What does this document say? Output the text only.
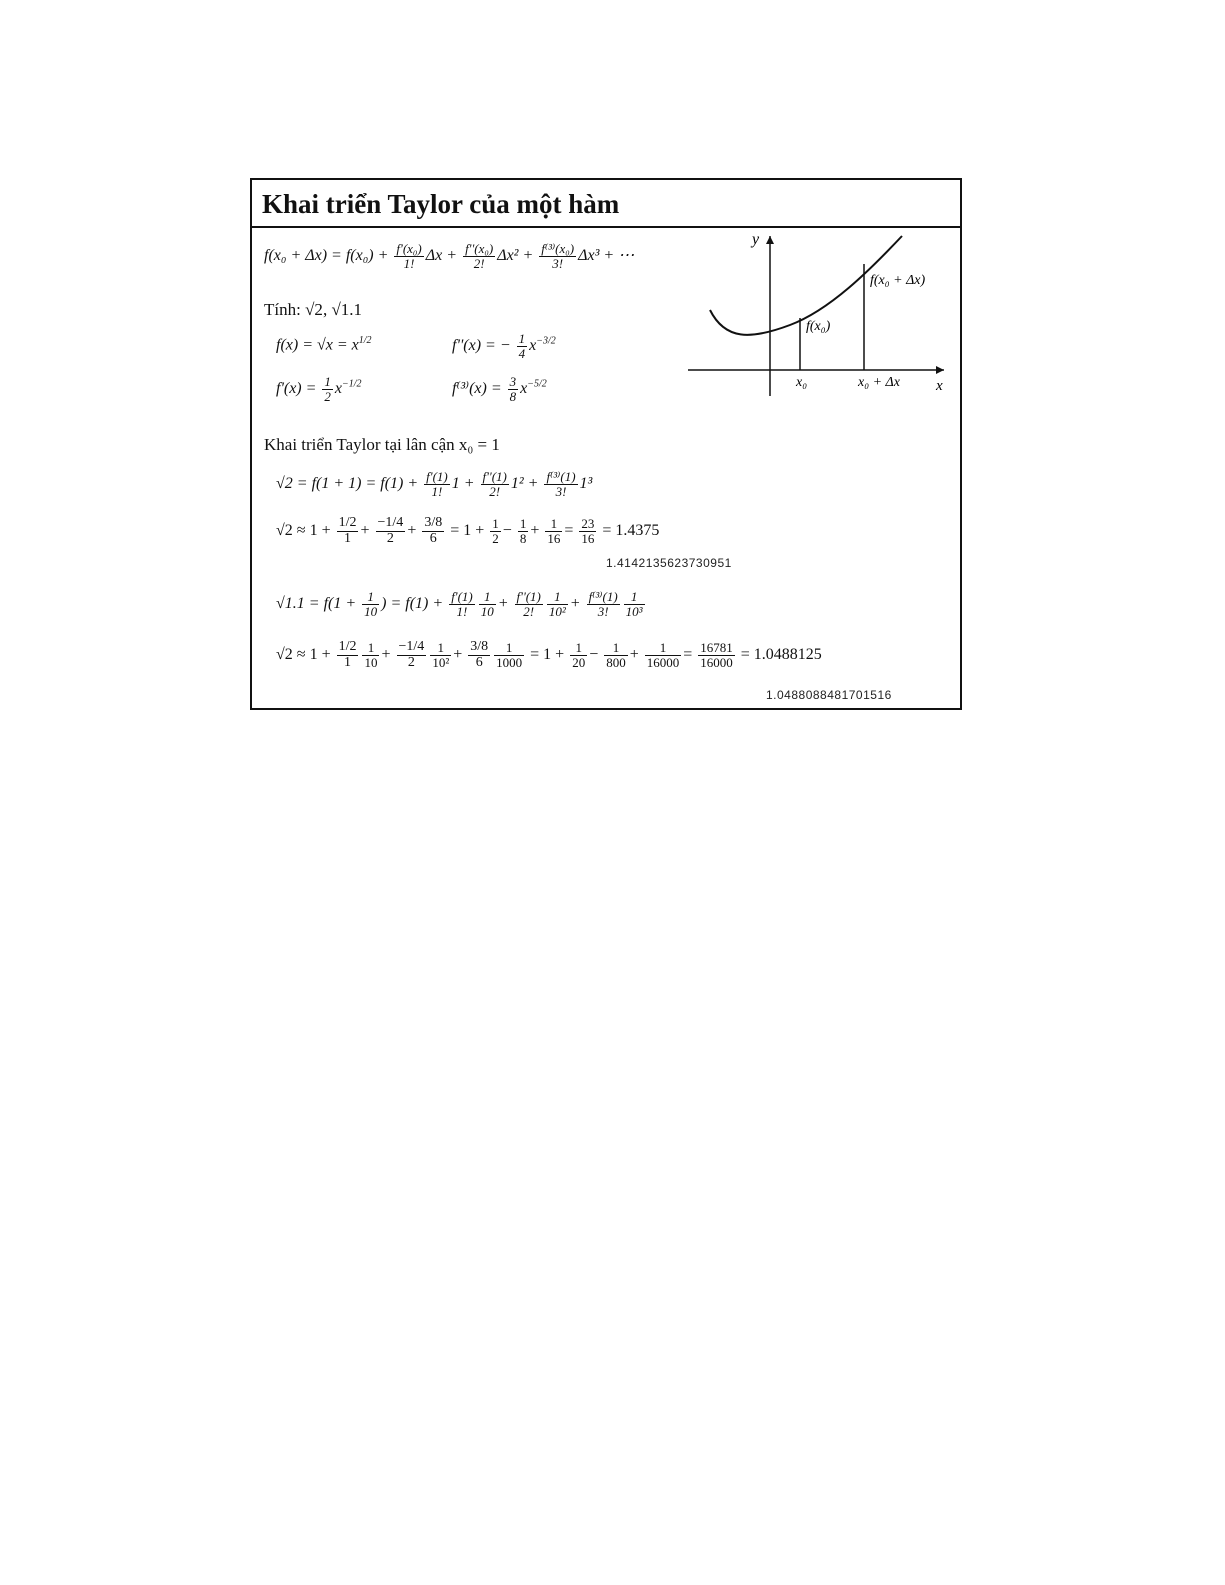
Khai triển Taylor của một hàm
$f(x_0 + \Delta x) = f(x_0) + \frac{\text{f'(x₀)}}{1!}$ $\Delta x + \frac{\text{f''(x₀)}}{2!} \Delta x^2 + \frac{\text{f⁽³⁾(x₀)}}{3!} \Delta x^3$ + ⋯
Tính: √2, √1.1
$f(x) = √x = x^{1/2}$	f''(x) = − $\frac{1}{4} x^{-3/2}$
$f'(x) = \frac{1}{2} x^{-1/2}$	$f^{(3)}(x) = \frac{3}{8} x^{-5/2}$
Khai triển Taylor tại lân cận x₀ = 1
$√2 = f(1 + 1) = f(1) + \frac{f'(1)}{1!} 1 + \frac{f''(1)}{2!} 1^2 + \frac{\text{f⁽³⁾(1)}}{3!} 1^3$
$√2 \approx 1 + \frac{1/2}{1} + \frac{-1/4}{2} + \frac{3/8}{6} = 1 + \frac{1}{2} - \frac{1}{8} + \frac{1}{16} = \frac{23}{16} = 1.4375$
1.4142135623730951
$√1.1 = f(1 + \frac{1}{10}$ ) = $f(1) + \frac{f'(1)}{1!} \frac{1}{10} + \frac{f''(1)}{2!} \frac{1}{\text{10²}} + \frac{\text{f⁽³⁾(1)}}{3!} \frac{1}{\text{10³}}$
$√2 \approx 1 + \frac{1/2}{1} \frac{1}{10} + \frac{-1/4}{2} \frac{1}{\text{10²}} + \frac{3/8}{6} \frac{1}{1000} = 1 + \frac{1}{20} - \frac{1}{800} + \frac{1}{16000} = \frac{16781}{16000} = 1.0488125$
1.0488088481701516
y
x
x₀	x₀ + Δx
f(x₀)
f(x₀ + Δx)
